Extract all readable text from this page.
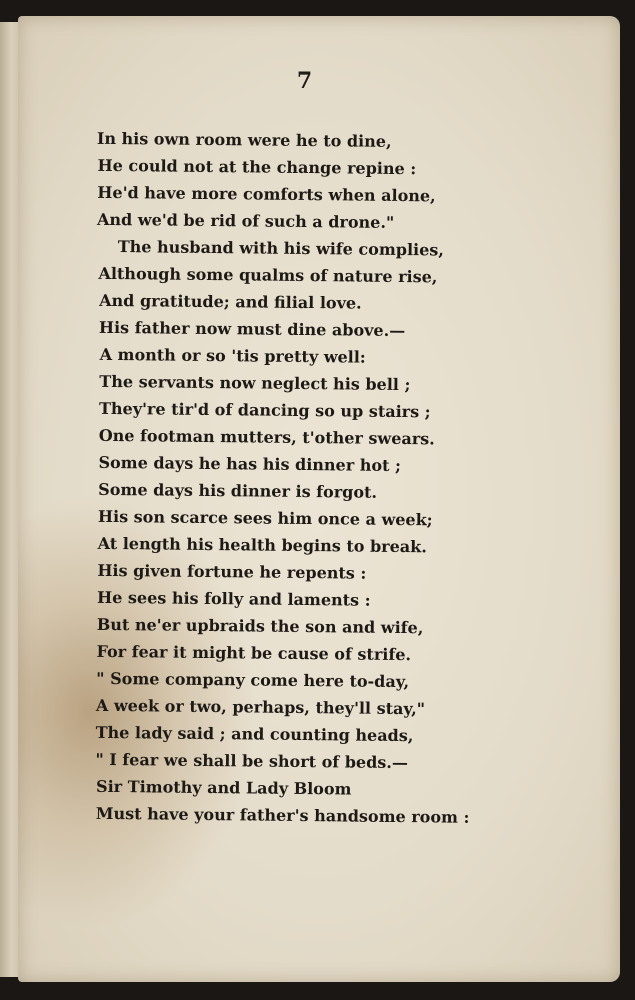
7
In his own room were he to dine,
He could not at the change repine :
He'd have more comforts when alone,
And we'd be rid of such a drone."
The husband with his wife complies,
Although some qualms of nature rise,
And gratitude; and filial love.
His father now must dine above.—
A month or so 'tis pretty well:
The servants now neglect his bell ;
They're tir'd of dancing so up stairs ;
One footman mutters, t'other swears.
Some days he has his dinner hot ;
Some days his dinner is forgot.
His son scarce sees him once a week;
At length his health begins to break.
His given fortune he repents :
He sees his folly and laments :
But ne'er upbraids the son and wife,
For fear it might be cause of strife.
" Some company come here to-day,
A week or two, perhaps, they'll stay,"
The lady said ; and counting heads,
" I fear we shall be short of beds.—
Sir Timothy and Lady Bloom
Must have your father's handsome room :
